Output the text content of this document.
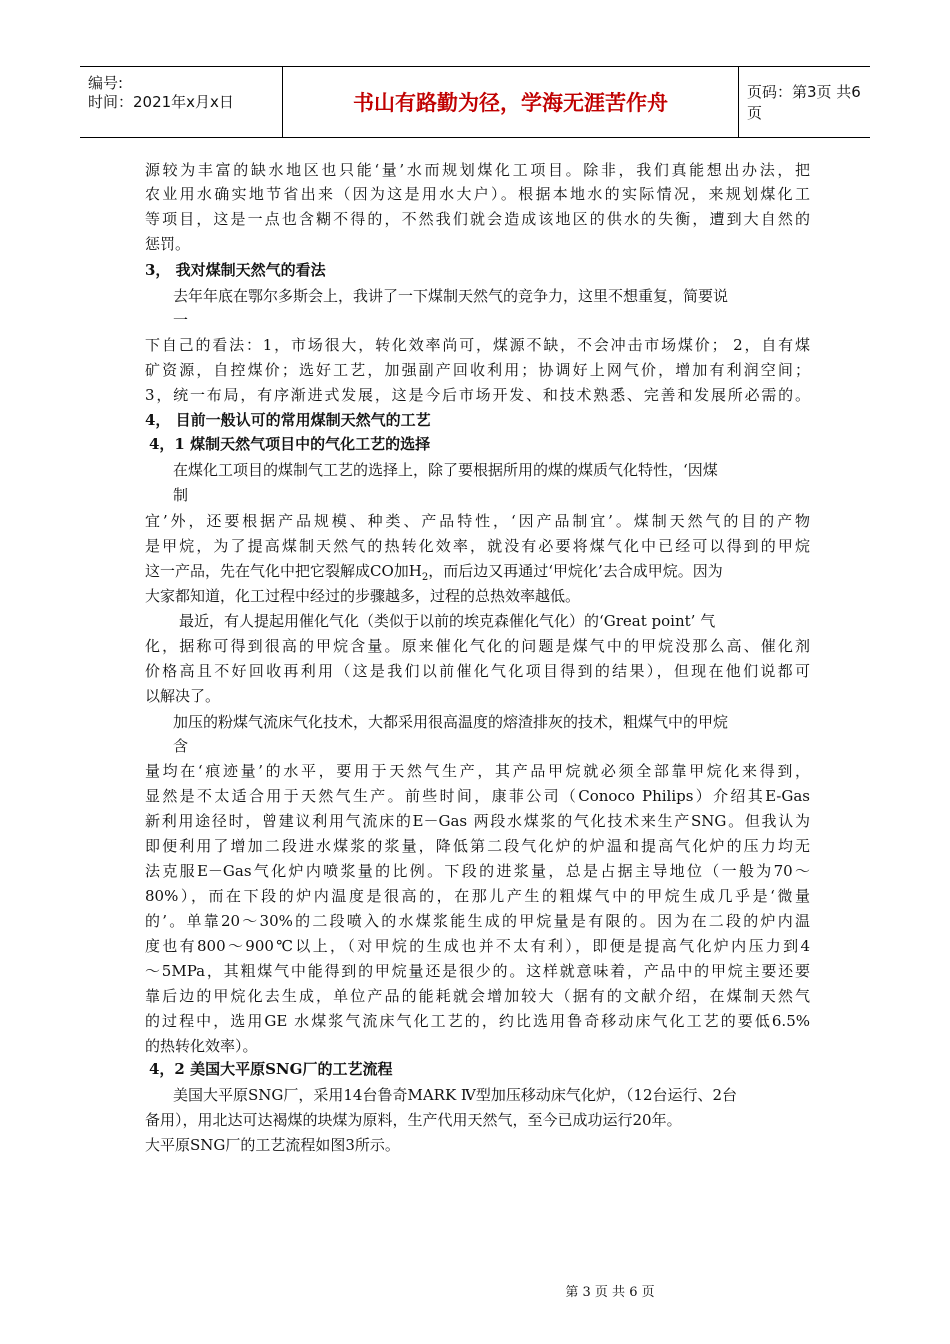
编号:
时间：2021年x月x日	书山有路勤为径，学海无涯苦作舟	页码：第3页 共6页
源较为丰富的缺水地区也只能‘量’水而规划煤化工项目。除非，我们真能想出办法，把
农业用水确实地节省出来（因为这是用水大户）。根据本地水的实际情况，来规划煤化工
等项目，这是一点也含糊不得的，不然我们就会造成该地区的供水的失衡，遭到大自然的
惩罚。
3， 我对煤制天然气的看法
去年年底在鄂尔多斯会上，我讲了一下煤制天然气的竞争力，这里不想重复，简要说
一
下自己的看法：1，市场很大，转化效率尚可，煤源不缺，不会冲击市场煤价； 2，自有煤
矿资源，自控煤价；选好工艺，加强副产回收利用；协调好上网气价，增加有利润空间；
3，统一布局，有序渐进式发展，这是今后市场开发、和技术熟悉、完善和发展所必需的。
4， 目前一般认可的常用煤制天然气的工艺
4，1 煤制天然气项目中的气化工艺的选择
在煤化工项目的煤制气工艺的选择上，除了要根据所用的煤的煤质气化特性，‘因煤
制
宜’外，还要根据产品规模、种类、产品特性，‘因产品制宜’。煤制天然气的目的产物
是甲烷，为了提高煤制天然气的热转化效率，就没有必要将煤气化中已经可以得到的甲烷
这一产品，先在气化中把它裂解成CO加$H_2$，而后边又再通过‘甲烷化’去合成甲烷。因为
大家都知道，化工过程中经过的步骤越多，过程的总热效率越低。
最近，有人提起用催化气化（类似于以前的埃克森催化气化）的‘Great point’ 气
化，据称可得到很高的甲烷含量。原来催化气化的问题是煤气中的甲烷没那么高、催化剂
价格高且不好回收再利用（这是我们以前催化气化项目得到的结果），但现在他们说都可
以解决了。
加压的粉煤气流床气化技术，大都采用很高温度的熔渣排灰的技术，粗煤气中的甲烷
含
量均在‘痕迹量’的水平，要用于天然气生产，其产品甲烷就必须全部靠甲烷化来得到，
显然是不太适合用于天然气生产。前些时间，康菲公司（Conoco Philips）介绍其E-Gas
新利用途径时，曾建议利用气流床的E－Gas 两段水煤浆的气化技术来生产SNG。但我认为
即便利用了增加二段进水煤浆的浆量，降低第二段气化炉的炉温和提高气化炉的压力均无
法克服E－Gas气化炉内喷浆量的比例。下段的进浆量，总是占据主导地位（一般为70～
80%），而在下段的炉内温度是很高的，在那儿产生的粗煤气中的甲烷生成几乎是‘微量
的’。单靠20～30%的二段喷入的水煤浆能生成的甲烷量是有限的。因为在二段的炉内温
度也有800～900℃以上，（对甲烷的生成也并不太有利），即便是提高气化炉内压力到4
～5MPa，其粗煤气中能得到的甲烷量还是很少的。这样就意味着，产品中的甲烷主要还要
靠后边的甲烷化去生成，单位产品的能耗就会增加较大（据有的文献介绍，在煤制天然气
的过程中，选用GE 水煤浆气流床气化工艺的，约比选用鲁奇移动床气化工艺的要低6.5%
的热转化效率）。
4，2 美国大平原SNG厂的工艺流程
美国大平原SNG厂，采用14台鲁奇MARK Ⅳ型加压移动床气化炉，（12台运行、2台
备用），用北达可达褐煤的块煤为原料，生产代用天然气，至今已成功运行20年。
大平原SNG厂的工艺流程如图3所示。
第 3 页 共 6 页
